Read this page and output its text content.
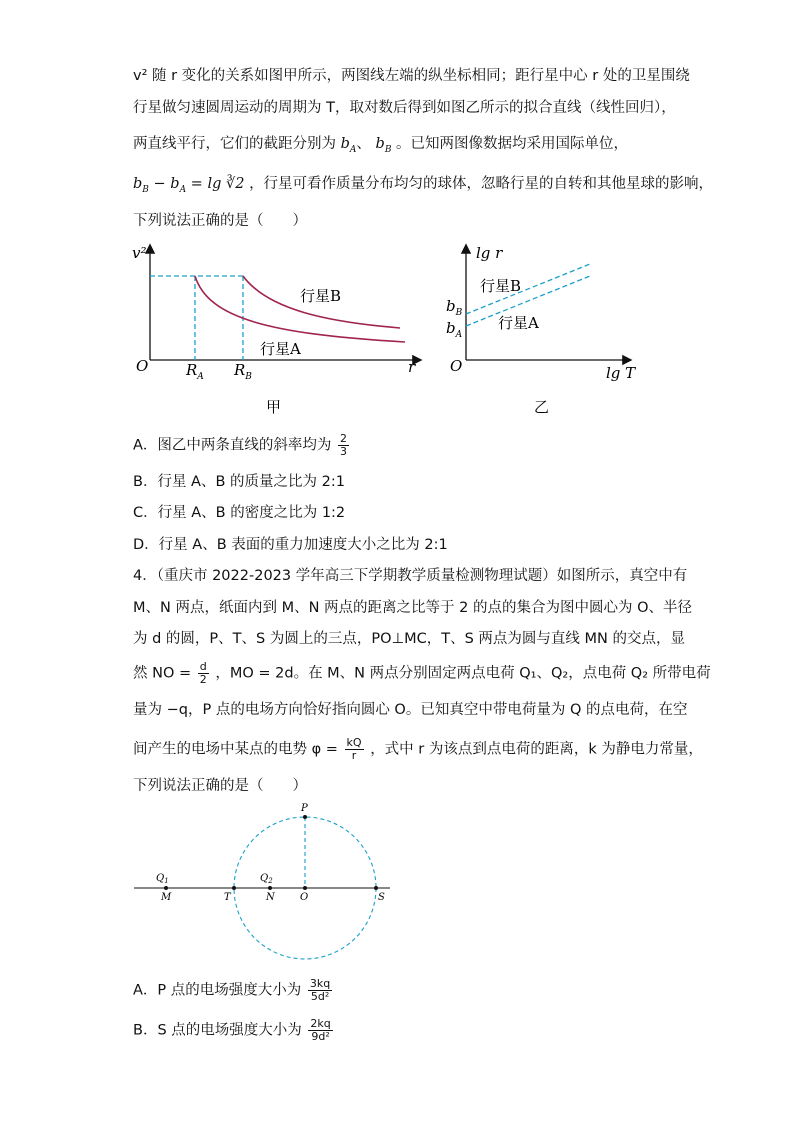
v² 随 r 变化的关系如图甲所示，两图线左端的纵坐标相同；距行星中心 r 处的卫星围绕
行星做匀速圆周运动的周期为 T，取对数后得到如图乙所示的拟合直线（线性回归），
两直线平行，它们的截距分别为 $b_A$、 $b_B$ 。已知两图像数据均采用国际单位，
$b_B - b_A = \lg$ ∛2 ，行星可看作质量分布均匀的球体，忽略行星的自转和其他星球的影响，
下列说法正确的是（　　）
v²
O	r
$R_A$ $R_B$
行星B
行星A
甲
lg r
O	lg T
$b_B$
$b_A$
行星B
行星A
乙
A．图乙中两条直线的斜率均为 $\frac{2}{3}$
B．行星 A、B 的质量之比为 2:1
C．行星 A、B 的密度之比为 1:2
D．行星 A、B 表面的重力加速度大小之比为 2:1
4．（重庆市 2022-2023 学年高三下学期教学质量检测物理试题）如图所示，真空中有
M、N 两点，纸面内到 M、N 两点的距离之比等于 2 的点的集合为图中圆心为 O、半径
为 d 的圆，P、T、S 为圆上的三点，PO⊥MC，T、S 两点为圆与直线 MN 的交点，显
然 NO = $\frac{d}{2}$ ，MO = 2d。在 M、N 两点分别固定两点电荷 Q₁、Q₂，点电荷 Q₂ 所带电荷
量为 −q，P 点的电场方向恰好指向圆心 O。已知真空中带电荷量为 Q 的点电荷，在空
间产生的电场中某点的电势 $\varphi = \frac{kQ}{r}$ ，式中 r 为该点到点电荷的距离，k 为静电力常量，
下列说法正确的是（　　）
P
$Q_1$	$Q_2$
M	T	N	O	S
A．P 点的电场强度大小为 $\frac{3kq}{\text{5d²}}$
B．S 点的电场强度大小为 $\frac{2kq}{\text{9d²}}$
